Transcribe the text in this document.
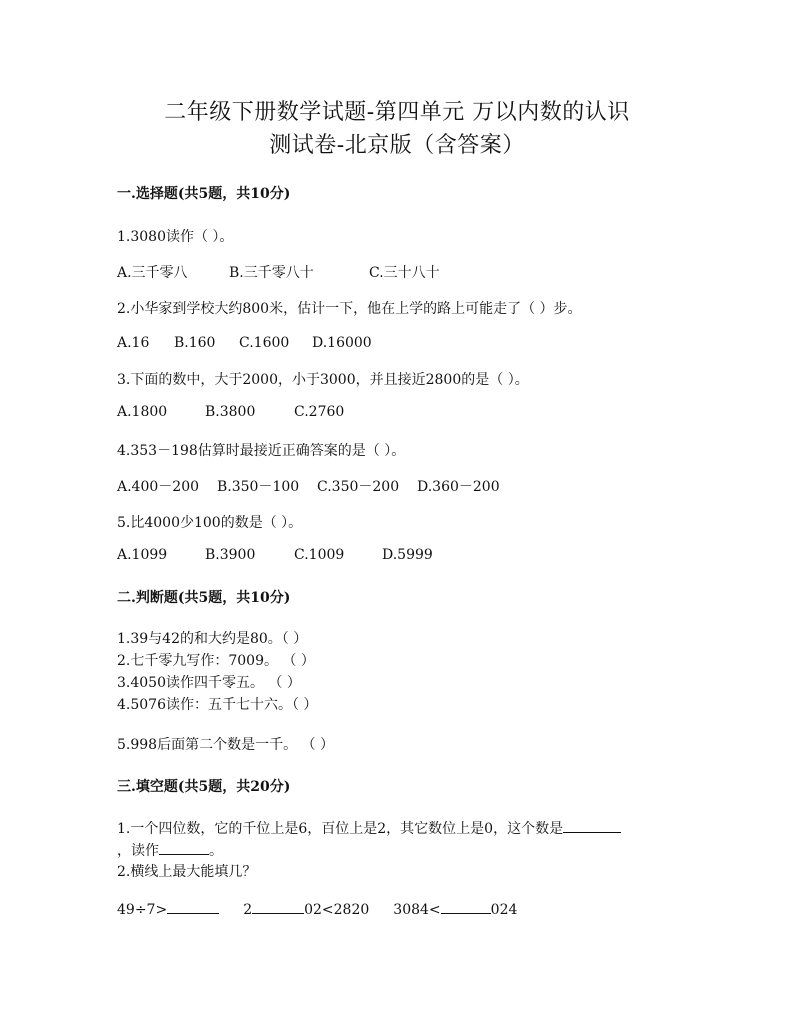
二年级下册数学试题-第四单元 万以内数的认识
测试卷-北京版（含答案）
一.选择题(共5题，共10分)
1.3080读作（ ）。
A.三千零八	B.三千零八十	C.三十八十
2.小华家到学校大约800米，估计一下，他在上学的路上可能走了（ ）步。
A.16 B.160 C.1600 D.16000
3.下面的数中，大于2000，小于3000，并且接近2800的是（ ）。
A.1800	B.3800	C.2760
4.353－198估算时最接近正确答案的是（ ）。
A.400－200 B.350－100 C.350－200 D.360－200
5.比4000少100的数是（ ）。
A.1099	B.3900	C.1009	D.5999
二.判断题(共5题，共10分)
1.39与42的和大约是80。（ ）
2.七千零九写作：7009。 （ ）
3.4050读作四千零五。 （ ）
4.5076读作：五千七十六。（ ）
5.998后面第二个数是一千。 （ ）
三.填空题(共5题，共20分)
1.一个四位数，它的千位上是6，百位上是2，其它数位上是0，这个数是
，读作	。
2.横线上最大能填几？
49÷7>	2	02<2820 3084<	024
